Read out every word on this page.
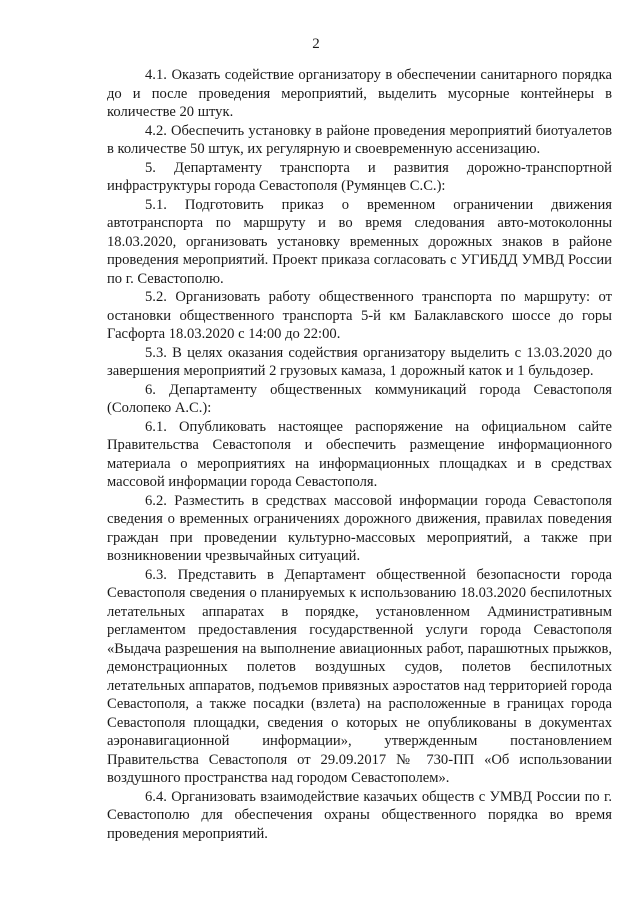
2

4.1. Оказать содействие организатору в обеспечении санитарного порядка до и после проведения мероприятий, выделить мусорные контейнеры в количестве 20 штук.

4.2. Обеспечить установку в районе проведения мероприятий биотуалетов в количестве 50 штук, их регулярную и своевременную ассенизацию.

5. Департаменту транспорта и развития дорожно-транспортной инфраструктуры города Севастополя (Румянцев С.С.):

5.1. Подготовить приказ о временном ограничении движения автотранспорта по маршруту и во время следования авто-мотоколонны 18.03.2020, организовать установку временных дорожных знаков в районе проведения мероприятий. Проект приказа согласовать с УГИБДД УМВД России по г. Севастополю.

5.2. Организовать работу общественного транспорта по маршруту: от остановки общественного транспорта 5-й км Балаклавского шоссе до горы Гасфорта 18.03.2020 с 14:00 до 22:00.

5.3. В целях оказания содействия организатору выделить с 13.03.2020 до завершения мероприятий 2 грузовых камаза, 1 дорожный каток и 1 бульдозер.

6. Департаменту общественных коммуникаций города Севастополя (Солопеко А.С.):

6.1. Опубликовать настоящее распоряжение на официальном сайте Правительства Севастополя и обеспечить размещение информационного материала о мероприятиях на информационных площадках и в средствах массовой информации города Севастополя.

6.2. Разместить в средствах массовой информации города Севастополя сведения о временных ограничениях дорожного движения, правилах поведения граждан при проведении культурно-массовых мероприятий, а также при возникновении чрезвычайных ситуаций.

6.3. Представить в Департамент общественной безопасности города Севастополя сведения о планируемых к использованию 18.03.2020 беспилотных летательных аппаратах в порядке, установленном Административным регламентом предоставления государственной услуги города Севастополя «Выдача разрешения на выполнение авиационных работ, парашютных прыжков, демонстрационных полетов воздушных судов, полетов беспилотных летательных аппаратов, подъемов привязных аэростатов над территорией города Севастополя, а также посадки (взлета) на расположенные в границах города Севастополя площадки, сведения о которых не опубликованы в документах аэронавигационной информации», утвержденным постановлением Правительства Севастополя от 29.09.2017 № 730-ПП «Об использовании воздушного пространства над городом Севастополем».

6.4. Организовать взаимодействие казачьих обществ с УМВД России по г. Севастополю для обеспечения охраны общественного порядка во время проведения мероприятий.
